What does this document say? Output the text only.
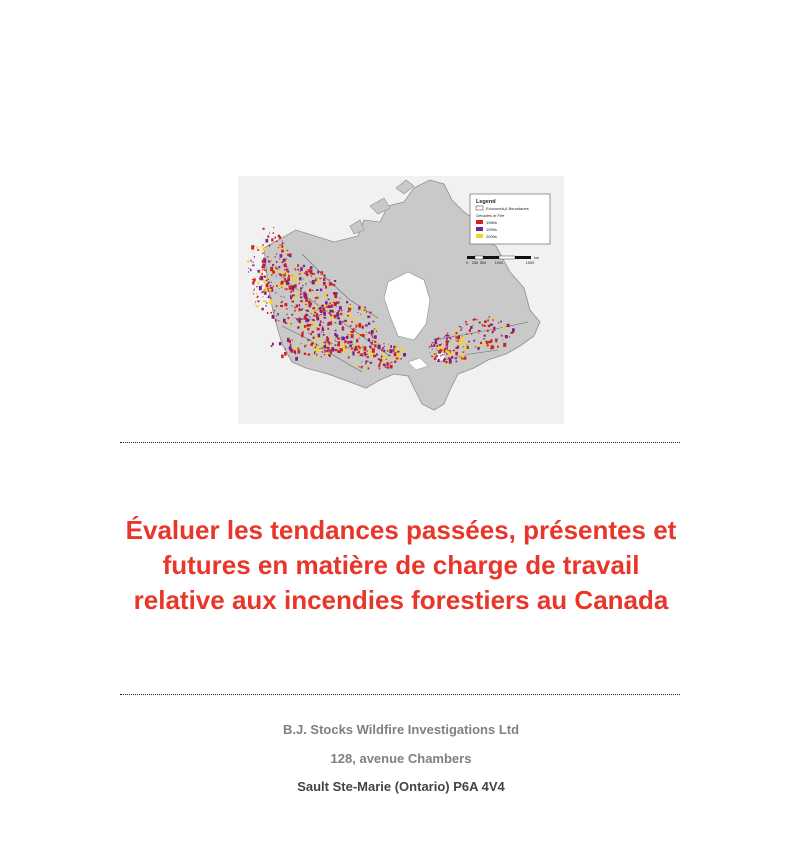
Legend
Ecozoneâ„¢ Boundaries
Decades of Fire
1980s
1990s
2000s
0 250 500 1000	1500
km
Évaluer les tendances passées, présentes et
futures en matière de charge de travail
relative aux incendies forestiers au Canada
B.J. Stocks Wildfire Investigations Ltd
128, avenue Chambers
Sault Ste-Marie (Ontario) P6A 4V4
